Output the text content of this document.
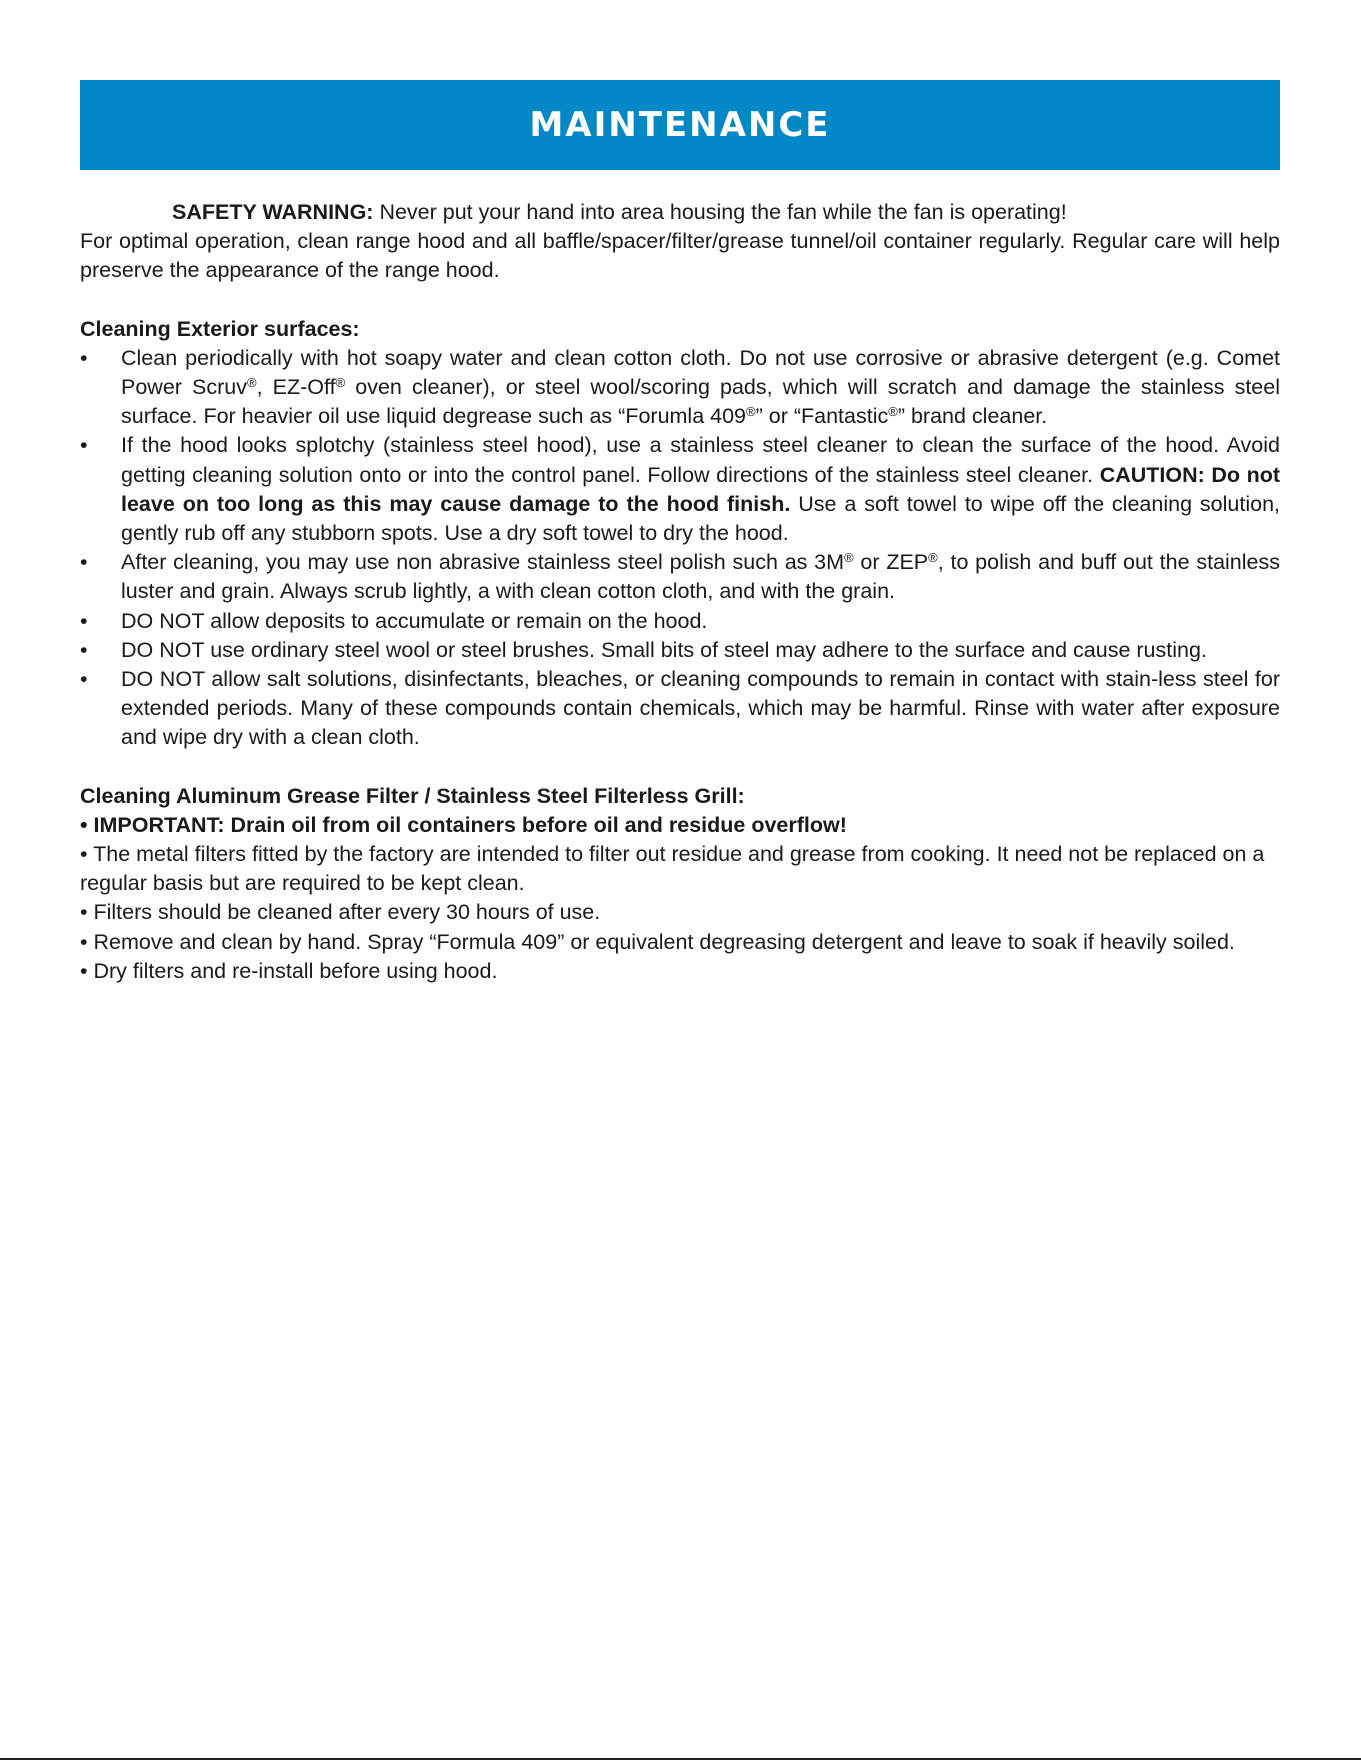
MAINTENANCE

SAFETY WARNING: Never put your hand into area housing the fan while the fan is operating!

For optimal operation, clean range hood and all baffle/spacer/filter/grease tunnel/oil container regularly. Regular care will help preserve the appearance of the range hood.

Cleaning Exterior surfaces:

•	Clean periodically with hot soapy water and clean cotton cloth. Do not use corrosive or abrasive detergent (e.g. Comet Power Scruv®, EZ-Off® oven cleaner), or steel wool/scoring pads, which will scratch and damage the stainless steel surface. For heavier oil use liquid degrease such as “Forumla 409®” or “Fantastic®” brand cleaner.
•	If the hood looks splotchy (stainless steel hood), use a stainless steel cleaner to clean the surface of the hood. Avoid getting cleaning solution onto or into the control panel. Follow directions of the stainless steel cleaner. CAUTION: Do not leave on too long as this may cause damage to the hood finish. Use a soft towel to wipe off the cleaning solution, gently rub off any stubborn spots. Use a dry soft towel to dry the hood.
•	After cleaning, you may use non abrasive stainless steel polish such as 3M® or ZEP®, to polish and buff out the stainless luster and grain. Always scrub lightly, a with clean cotton cloth, and with the grain.
•	DO NOT allow deposits to accumulate or remain on the hood.
•	DO NOT use ordinary steel wool or steel brushes. Small bits of steel may adhere to the surface and cause rusting.
•	DO NOT allow salt solutions, disinfectants, bleaches, or cleaning compounds to remain in contact with stain-less steel for extended periods. Many of these compounds contain chemicals, which may be harmful. Rinse with water after exposure and wipe dry with a clean cloth.

Cleaning Aluminum Grease Filter / Stainless Steel Filterless Grill:

• IMPORTANT: Drain oil from oil containers before oil and residue overflow!

• The metal filters fitted by the factory are intended to filter out residue and grease from cooking. It need not be replaced on a regular basis but are required to be kept clean.

• Filters should be cleaned after every 30 hours of use.

• Remove and clean by hand. Spray “Formula 409” or equivalent degreasing detergent and leave to soak if heavily soiled.

• Dry filters and re-install before using hood.
